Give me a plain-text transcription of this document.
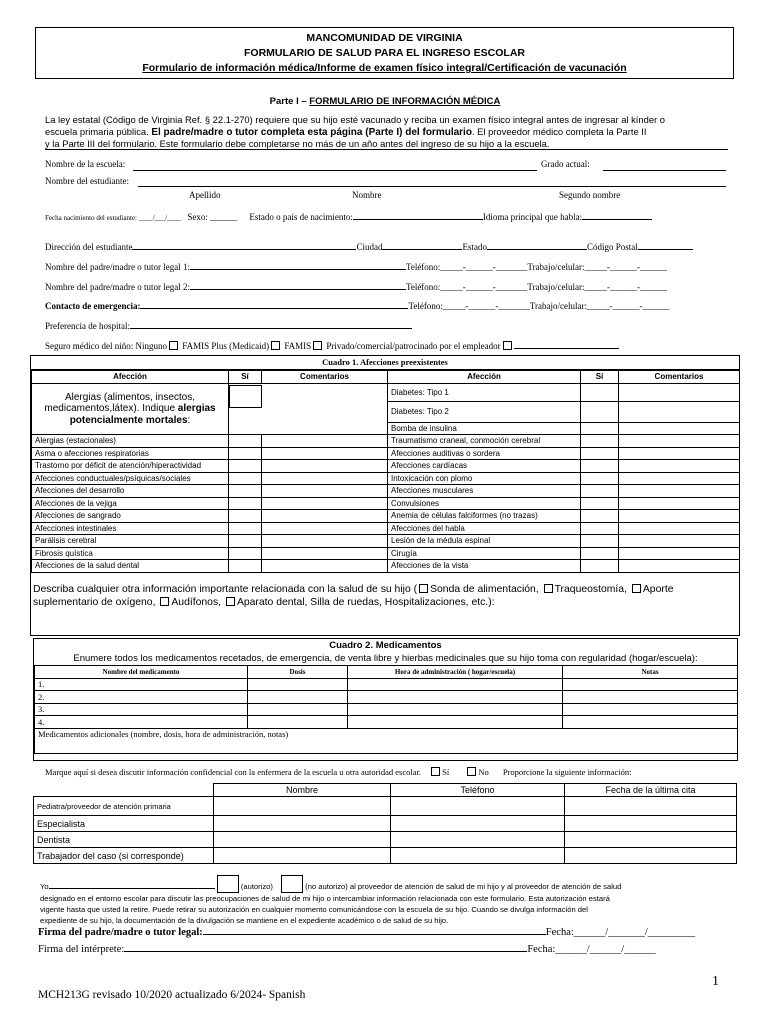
MANCOMUNIDAD DE VIRGINIA
FORMULARIO DE SALUD PARA EL INGRESO ESCOLAR
Formulario de información médica/Informe de examen físico integral/Certificación de vacunación
Parte I – FORMULARIO DE INFORMACIÓN MÉDICA
La ley estatal (Código de Virginia Ref. § 22.1-270) requiere que su hijo esté vacunado y reciba un examen físico integral antes de ingresar al kínder o
escuela primaria pública. El padre/madre o tutor completa esta página (Parte I) del formulario. El proveedor médico completa la Parte II
y la Parte III del formulario. Este formulario debe completarse no más de un año antes del ingreso de su hijo a la escuela.
Nombre de la escuela:	Grado actual:
Nombre del estudiante:
Apellido	Nombre	Segundo nombre
Fecha nacimiento del estudiante: ____/___/____ Sexo: ______ Estado o país de nacimiento:	Idioma principal que habla:
Dirección del estudiante	Ciudad	Estado	Código Postal
Nombre del padre/madre o tutor legal 1:	Teléfono:_____-______-_______Trabajo/celular:_____-______-______
Nombre del padre/madre o tutor legal 2:	Teléfono:_____-______-_______Trabajo/celular:_____-______-______
Contacto de emergencia:	Teléfono:_____-______-_______Trabajo/celular:_____-______-______
Preferencia de hospital:
Seguro médico del niño: Ninguno FAMIS Plus (Medicaid) FAMIS Privado/comercial/patrocinado por el empleador
Cuadro 1. Afecciones preexistentes
Afección	Sí	Comentarios	Afección	Sí	Comentarios
Alergias (alimentos, insectos,
medicamentos,látex). Indique alergias
potencialmente mortales:			Diabetes: Tipo 1		
			Diabetes: Tipo 2		
			Bomba de insulina		
Alergias (estacionales)			Traumatismo craneal, conmoción cerebral		
Asma o afecciones respiratorias			Afecciones auditivas o sordera		
Trastorno por déficit de atención/hiperactividad			Afecciones cardíacas		
Afecciones conductuales/psíquicas/sociales			Intoxicación con plomo		
Afecciones del desarrollo			Afecciones musculares		
Afecciones de la vejiga			Convulsiones		
Afecciones de sangrado			Anemia de células falciformes (no trazas)		
Afecciones intestinales			Afecciones del habla		
Parálisis cerebral			Lesión de la médula espinal		
Fibrosis quística			Cirugía		
Afecciones de la salud dental			Afecciones de la vista		
Describa cualquier otra información importante relacionada con la salud de su hijo ( Sonda de alimentación, Traqueostomía, Aporte
suplementario de oxígeno, Audífonos, Aparato dental, Silla de ruedas, Hospitalizaciones, etc.):
Cuadro 2. Medicamentos
Enumere todos los medicamentos recetados, de emergencia, de venta libre y hierbas medicinales que su hijo toma con regularidad (hogar/escuela):
Nombre del medicamento	Dosis	Hora de administración ( hogar/escuela)	Notas
1.			
2.			
3.			
4.			
Medicamentos adicionales (nombre, dosis, hora de administración, notas)			
Marque aquí si desea discutir información confidencial con la enfermera de la escuela u otra autoridad escolar. Sí	No Proporcione la siguiente información:
	Nombre	Teléfono	Fecha de la última cita
Pediatra/proveedor de atención primaria			
Especialista			
Dentista			
Trabajador del caso (si corresponde)			
Yo	(autorizo)	(no autorizo) al proveedor de atención de salud de mi hijo y al proveedor de atención de salud
designado en el entorno escolar para discutir las preocupaciones de salud de mi hijo o intercambiar información relacionada con este formulario. Esta autorización estará
vigente hasta que usted la retire. Puede retirar su autorización en cualquier momento comunicándose con la escuela de su hijo. Cuando se divulga información del
expediente de su hijo, la documentación de la divulgación se mantiene en el expediente académico o de salud de su hijo.
Firma del padre/madre o tutor legal:	Fecha:______/_______/_________
Firma del intérprete:	Fecha:______/______/______
1
MCH213G revisado 10/2020 actualizado 6/2024- Spanish
